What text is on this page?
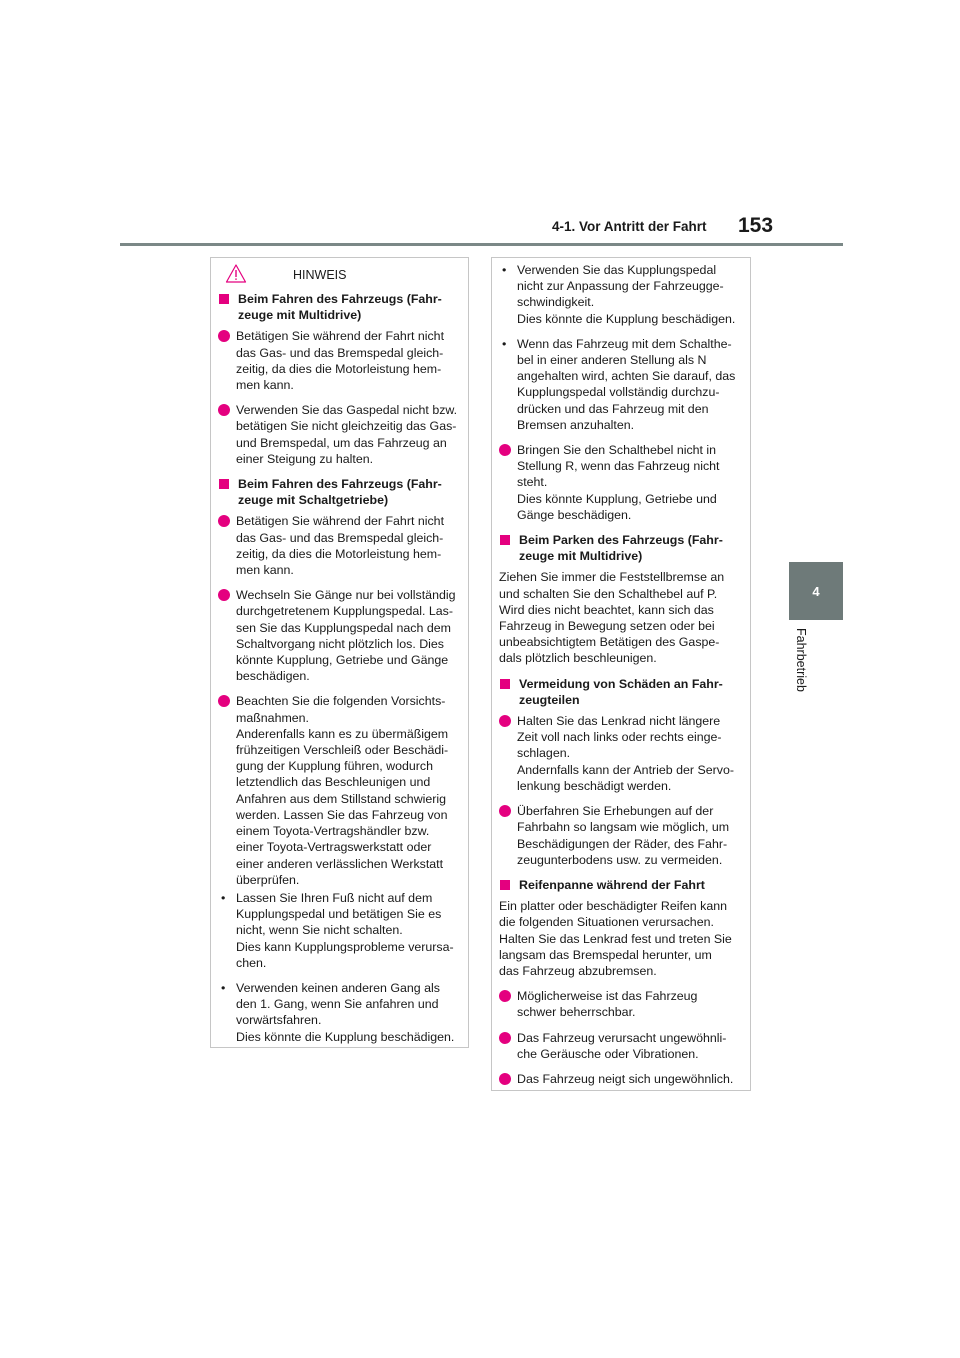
4-1. Vor Antritt der Fahrt 153
4
Fahrbetrieb
HINWEIS
Beim Fahren des Fahrzeugs (Fahr-
zeuge mit Multidrive)
Betätigen Sie während der Fahrt nicht
das Gas- und das Bremspedal gleich-
zeitig, da dies die Motorleistung hem-
men kann.
Verwenden Sie das Gaspedal nicht bzw.
betätigen Sie nicht gleichzeitig das Gas-
und Bremspedal, um das Fahrzeug an
einer Steigung zu halten.
Beim Fahren des Fahrzeugs (Fahr-
zeuge mit Schaltgetriebe)
Betätigen Sie während der Fahrt nicht
das Gas- und das Bremspedal gleich-
zeitig, da dies die Motorleistung hem-
men kann.
Wechseln Sie Gänge nur bei vollständig
durchgetretenem Kupplungspedal. Las-
sen Sie das Kupplungspedal nach dem
Schaltvorgang nicht plötzlich los. Dies
könnte Kupplung, Getriebe und Gänge
beschädigen.
Beachten Sie die folgenden Vorsichts-
maßnahmen.
Anderenfalls kann es zu übermäßigem
frühzeitigen Verschleiß oder Beschädi-
gung der Kupplung führen, wodurch
letztendlich das Beschleunigen und
Anfahren aus dem Stillstand schwierig
werden. Lassen Sie das Fahrzeug von
einem Toyota-Vertragshändler bzw.
einer Toyota-Vertragswerkstatt oder
einer anderen verlässlichen Werkstatt
überprüfen.
• Lassen Sie Ihren Fuß nicht auf dem
Kupplungspedal und betätigen Sie es
nicht, wenn Sie nicht schalten.
Dies kann Kupplungsprobleme verursa-
chen.
• Verwenden keinen anderen Gang als
den 1. Gang, wenn Sie anfahren und
vorwärtsfahren.
Dies könnte die Kupplung beschädigen.
• Verwenden Sie das Kupplungspedal
nicht zur Anpassung der Fahrzeugge-
schwindigkeit.
Dies könnte die Kupplung beschädigen.
• Wenn das Fahrzeug mit dem Schalthe-
bel in einer anderen Stellung als N
angehalten wird, achten Sie darauf, das
Kupplungspedal vollständig durchzu-
drücken und das Fahrzeug mit den
Bremsen anzuhalten.
Bringen Sie den Schalthebel nicht in
Stellung R, wenn das Fahrzeug nicht
steht.
Dies könnte Kupplung, Getriebe und
Gänge beschädigen.
Beim Parken des Fahrzeugs (Fahr-
zeuge mit Multidrive)
Ziehen Sie immer die Feststellbremse an
und schalten Sie den Schalthebel auf P.
Wird dies nicht beachtet, kann sich das
Fahrzeug in Bewegung setzen oder bei
unbeabsichtigtem Betätigen des Gaspe-
dals plötzlich beschleunigen.
Vermeidung von Schäden an Fahr-
zeugteilen
Halten Sie das Lenkrad nicht längere
Zeit voll nach links oder rechts einge-
schlagen.
Andernfalls kann der Antrieb der Servo-
lenkung beschädigt werden.
Überfahren Sie Erhebungen auf der
Fahrbahn so langsam wie möglich, um
Beschädigungen der Räder, des Fahr-
zeugunterbodens usw. zu vermeiden.
Reifenpanne während der Fahrt
Ein platter oder beschädigter Reifen kann
die folgenden Situationen verursachen.
Halten Sie das Lenkrad fest und treten Sie
langsam das Bremspedal herunter, um
das Fahrzeug abzubremsen.
Möglicherweise ist das Fahrzeug
schwer beherrschbar.
Das Fahrzeug verursacht ungewöhnli-
che Geräusche oder Vibrationen.
Das Fahrzeug neigt sich ungewöhnlich.
